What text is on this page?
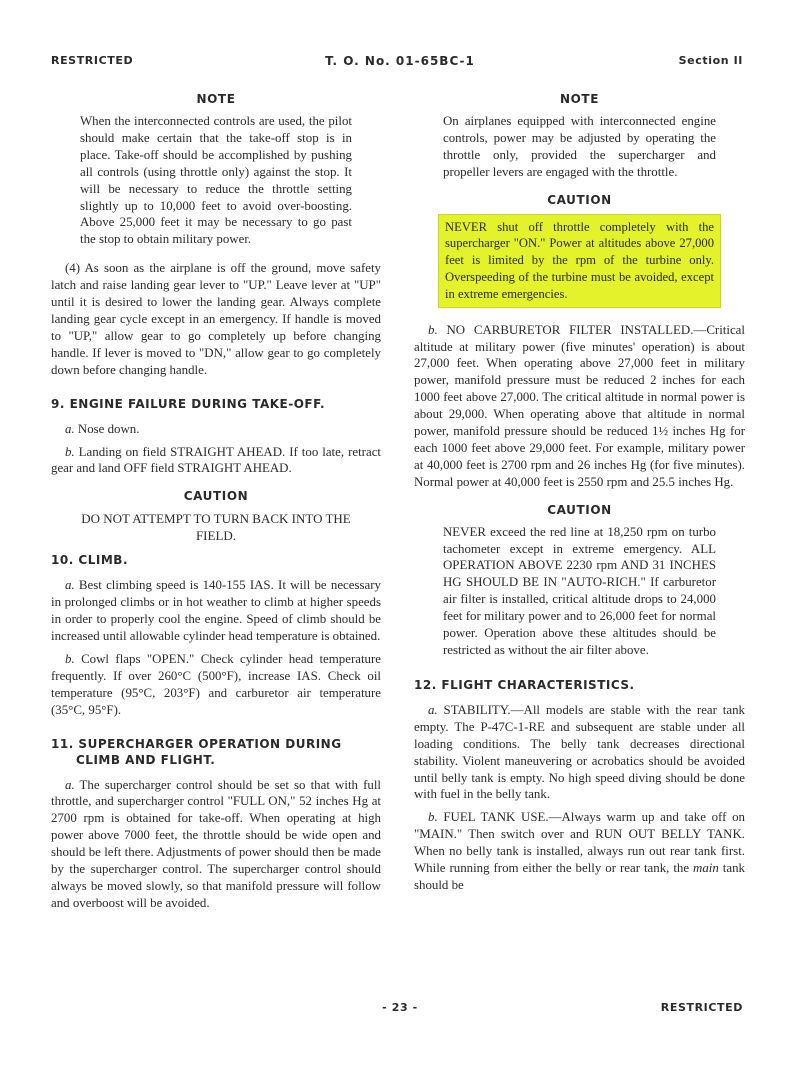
RESTRICTED	T. O. No. 01-65BC-1	Section II
NOTE

When the interconnected controls are used, the pilot should make certain that the take-off stop is in place. Take-off should be accomplished by pushing all controls (using throttle only) against the stop. It will be necessary to reduce the throttle setting slightly up to 10,000 feet to avoid over-boosting. Above 25,000 feet it may be necessary to go past the stop to obtain military power.

(4) As soon as the airplane is off the ground, move safety latch and raise landing gear lever to "UP." Leave lever at "UP" until it is desired to lower the landing gear. Always complete landing gear cycle except in an emergency. If handle is moved to "UP," allow gear to go completely up before changing handle. If lever is moved to "DN," allow gear to go completely down before changing handle.

9. ENGINE FAILURE DURING TAKE-OFF.

a. Nose down.

b. Landing on field STRAIGHT AHEAD. If too late, retract gear and land OFF field STRAIGHT AHEAD.

CAUTION

DO NOT ATTEMPT TO TURN BACK INTO THE FIELD.

10. CLIMB.

a. Best climbing speed is 140-155 IAS. It will be necessary in prolonged climbs or in hot weather to climb at higher speeds in order to properly cool the engine. Speed of climb should be increased until allowable cylinder head temperature is obtained.

b. Cowl flaps "OPEN." Check cylinder head temperature frequently. If over 260°C (500°F), increase IAS. Check oil temperature (95°C, 203°F) and carburetor air temperature (35°C, 95°F).

11. SUPERCHARGER OPERATION DURING
CLIMB AND FLIGHT.

a. The supercharger control should be set so that with full throttle, and supercharger control "FULL ON," 52 inches Hg at 2700 rpm is obtained for take-off. When operating at high power above 7000 feet, the throttle should be wide open and should be left there. Adjustments of power should then be made by the supercharger control. The supercharger control should always be moved slowly, so that manifold pressure will follow and overboost will be avoided.

NOTE

On airplanes equipped with interconnected engine controls, power may be adjusted by operating the throttle only, provided the supercharger and propeller levers are engaged with the throttle.

CAUTION

NEVER shut off throttle completely with the supercharger "ON." Power at altitudes above 27,000 feet is limited by the rpm of the turbine only. Overspeeding of the turbine must be avoided, except in extreme emergencies.

b. NO CARBURETOR FILTER INSTALLED.—Critical altitude at military power (five minutes' operation) is about 27,000 feet. When operating above 27,000 feet in military power, manifold pressure must be reduced 2 inches for each 1000 feet above 27,000. The critical altitude in normal power is about 29,000. When operating above that altitude in normal power, manifold pressure should be reduced 1½ inches Hg for each 1000 feet above 29,000 feet. For example, military power at 40,000 feet is 2700 rpm and 26 inches Hg (for five minutes). Normal power at 40,000 feet is 2550 rpm and 25.5 inches Hg.

CAUTION

NEVER exceed the red line at 18,250 rpm on turbo tachometer except in extreme emergency. ALL OPERATION ABOVE 2230 rpm AND 31 INCHES HG SHOULD BE IN "AUTO-RICH." If carburetor air filter is installed, critical altitude drops to 24,000 feet for military power and to 26,000 feet for normal power. Operation above these altitudes should be restricted as without the air filter above.

12. FLIGHT CHARACTERISTICS.

a. STABILITY.—All models are stable with the rear tank empty. The P-47C-1-RE and subsequent are stable under all loading conditions. The belly tank decreases directional stability. Violent maneuvering or acrobatics should be avoided until belly tank is empty. No high speed diving should be done with fuel in the belly tank.

b. FUEL TANK USE.—Always warm up and take off on "MAIN." Then switch over and RUN OUT BELLY TANK. When no belly tank is installed, always run out rear tank first. While running from either the belly or rear tank, the main tank should be

- 23 -	RESTRICTED
